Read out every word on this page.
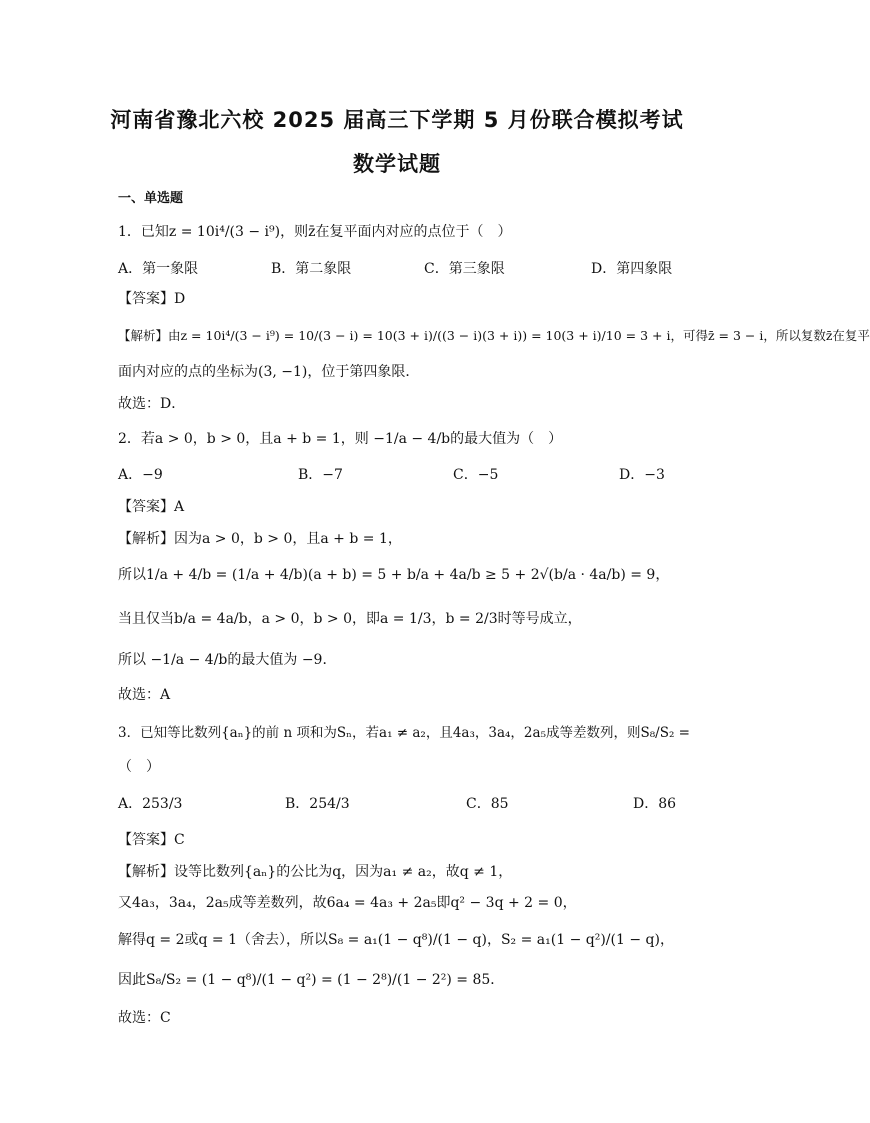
河南省豫北六校 2025 届高三下学期 5 月份联合模拟考试
数学试题
一、单选题
1．已知z = 10i⁴/(3 − i⁹)，则z̄在复平面内对应的点位于（　）
A．第一象限	B．第二象限	C．第三象限	D．第四象限
【答案】D
【解析】由z = 10i⁴/(3 − i⁹) = 10/(3 − i) = 10(3 + i)/((3 − i)(3 + i)) = 10(3 + i)/10 = 3 + i，可得z̄ = 3 − i，所以复数z̄在复平
面内对应的点的坐标为(3, −1)，位于第四象限．
故选：D．
2．若a > 0，b > 0，且a + b = 1，则 −1/a − 4/b的最大值为（　）
A．−9	B．−7	C．−5	D．−3
【答案】A
【解析】因为a > 0，b > 0，且a + b = 1，
所以1/a + 4/b = (1/a + 4/b)(a + b) = 5 + b/a + 4a/b ≥ 5 + 2√(b/a · 4a/b) = 9，
当且仅当b/a = 4a/b，a > 0，b > 0，即a = 1/3，b = 2/3时等号成立，
所以 −1/a − 4/b的最大值为 −9．
故选：A
3．已知等比数列{aₙ}的前 n 项和为Sₙ，若a₁ ≠ a₂，且4a₃，3a₄，2a₅成等差数列，则S₈/S₂ =
（　）
A．253/3	B．254/3	C．85	D．86
【答案】C
【解析】设等比数列{aₙ}的公比为q，因为a₁ ≠ a₂，故q ≠ 1，
又4a₃，3a₄，2a₅成等差数列，故6a₄ = 4a₃ + 2a₅即q² − 3q + 2 = 0，
解得q = 2或q = 1（舍去），所以S₈ = a₁(1 − q⁸)/(1 − q)，S₂ = a₁(1 − q²)/(1 − q)，
因此S₈/S₂ = (1 − q⁸)/(1 − q²) = (1 − 2⁸)/(1 − 2²) = 85．
故选：C
